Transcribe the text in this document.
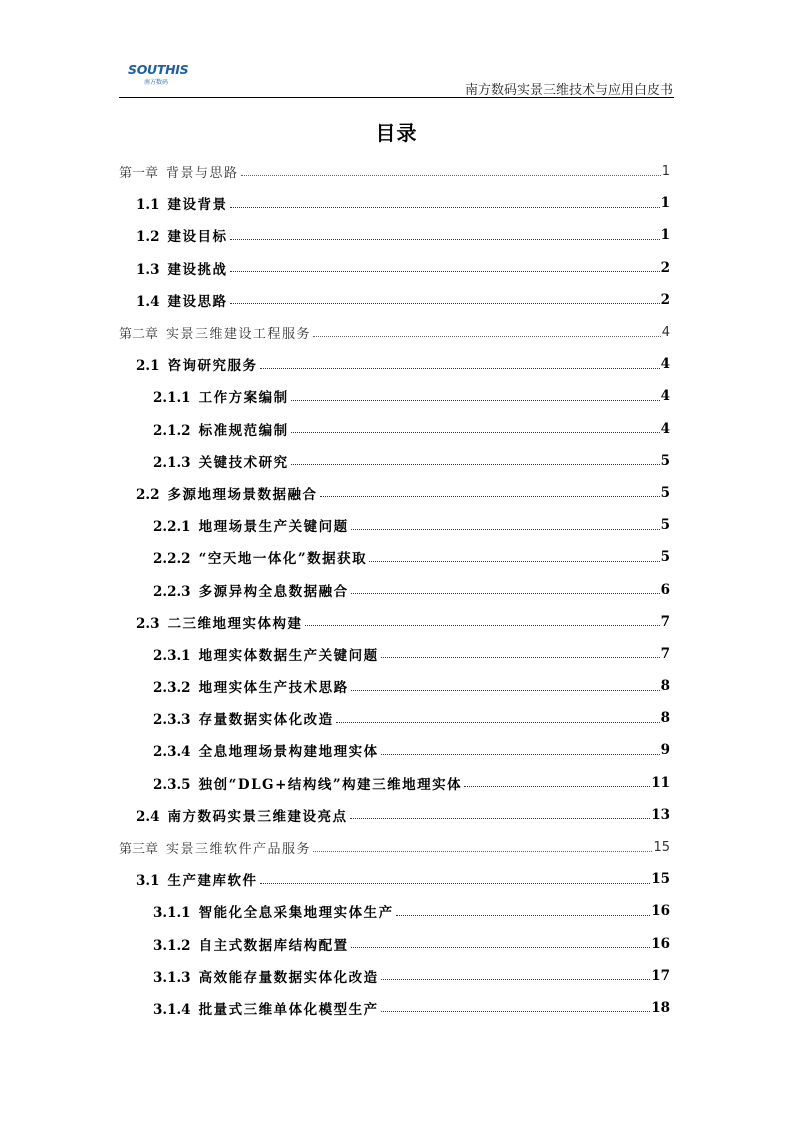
SOUTHIS
南方数码
南方数码实景三维技术与应用白皮书
目录
第一章 背景与思路	1
1.1 建设背景	1
1.2 建设目标	1
1.3 建设挑战	2
1.4 建设思路	2
第二章 实景三维建设工程服务	4
2.1 咨询研究服务	4
2.1.1 工作方案编制	4
2.1.2 标准规范编制	4
2.1.3 关键技术研究	5
2.2 多源地理场景数据融合	5
2.2.1 地理场景生产关键问题	5
2.2.2 “空天地一体化”数据获取	5
2.2.3 多源异构全息数据融合	6
2.3 二三维地理实体构建	7
2.3.1 地理实体数据生产关键问题	7
2.3.2 地理实体生产技术思路	8
2.3.3 存量数据实体化改造	8
2.3.4 全息地理场景构建地理实体	9
2.3.5 独创“DLG+结构线”构建三维地理实体	11
2.4 南方数码实景三维建设亮点	13
第三章 实景三维软件产品服务	15
3.1 生产建库软件	15
3.1.1 智能化全息采集地理实体生产	16
3.1.2 自主式数据库结构配置	16
3.1.3 高效能存量数据实体化改造	17
3.1.4 批量式三维单体化模型生产	18
